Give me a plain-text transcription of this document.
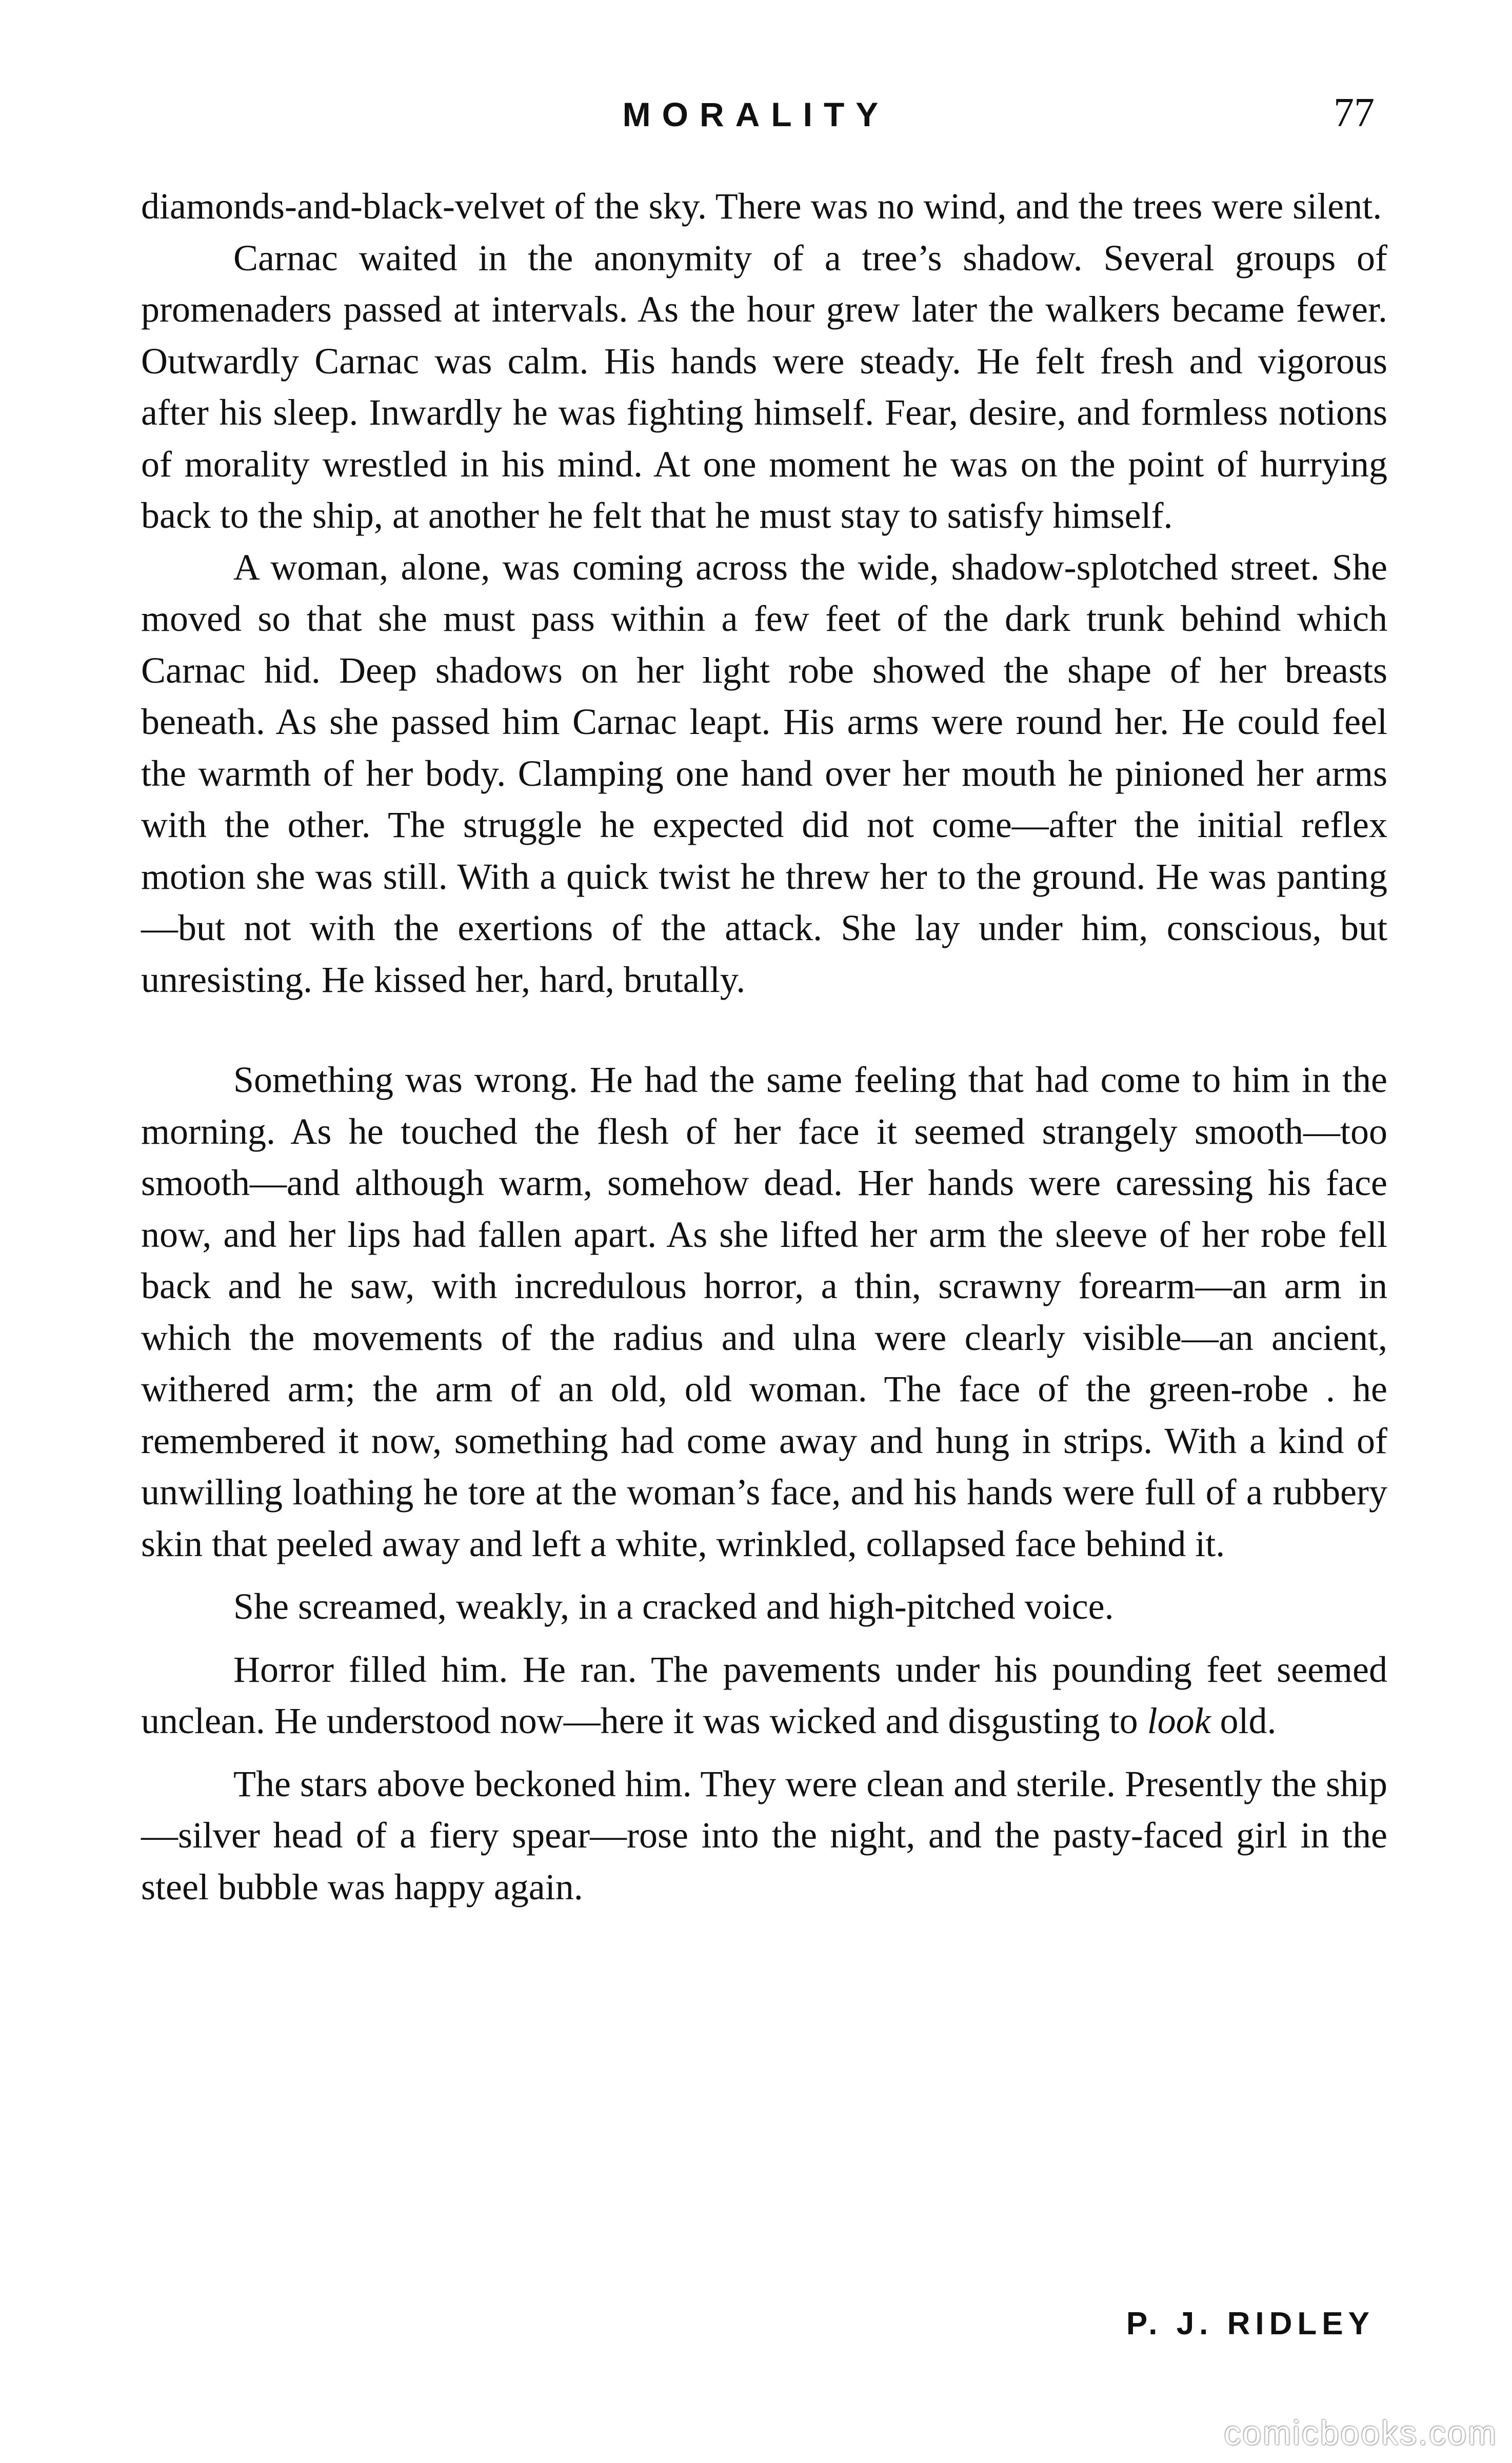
MORALITY	77

diamonds-and-black-velvet of the sky. There was no wind, and the trees were silent.

Carnac waited in the anonymity of a tree’s shadow. Several groups of promenaders passed at intervals. As the hour grew later the walkers became fewer. Outwardly Carnac was calm. His hands were steady. He felt fresh and vigorous after his sleep. Inwardly he was fighting himself. Fear, desire, and formless notions of morality wrestled in his mind. At one moment he was on the point of hurrying back to the ship, at another he felt that he must stay to satisfy himself.

A woman, alone, was coming across the wide, shadow-splotched street. She moved so that she must pass within a few feet of the dark trunk behind which Carnac hid. Deep shadows on her light robe showed the shape of her breasts beneath. As she passed him Carnac leapt. His arms were round her. He could feel the warmth of her body. Clamping one hand over her mouth he pinioned her arms with the other. The struggle he expected did not come—after the initial reflex motion she was still. With a quick twist he threw her to the ground. He was panting—but not with the exertions of the attack. She lay under him, conscious, but unresisting. He kissed her, hard, brutally.

Something was wrong. He had the same feeling that had come to him in the morning. As he touched the flesh of her face it seemed strangely smooth—too smooth—and although warm, somehow dead. Her hands were caressing his face now, and her lips had fallen apart. As she lifted her arm the sleeve of her robe fell back and he saw, with incredulous horror, a thin, scrawny forearm—an arm in which the movements of the radius and ulna were clearly visible—an ancient, withered arm; the arm of an old, old woman. The face of the green-robe . he remembered it now, something had come away and hung in strips. With a kind of unwilling loathing he tore at the woman’s face, and his hands were full of a rubbery skin that peeled away and left a white, wrinkled, collapsed face behind it.

She screamed, weakly, in a cracked and high-pitched voice.

Horror filled him. He ran. The pavements under his pounding feet seemed unclean. He understood now—here it was wicked and disgusting to look old.

The stars above beckoned him. They were clean and sterile. Presently the ship—silver head of a fiery spear—rose into the night, and the pasty-faced girl in the steel bubble was happy again.

P. J. RIDLEY
comicbooks.com
